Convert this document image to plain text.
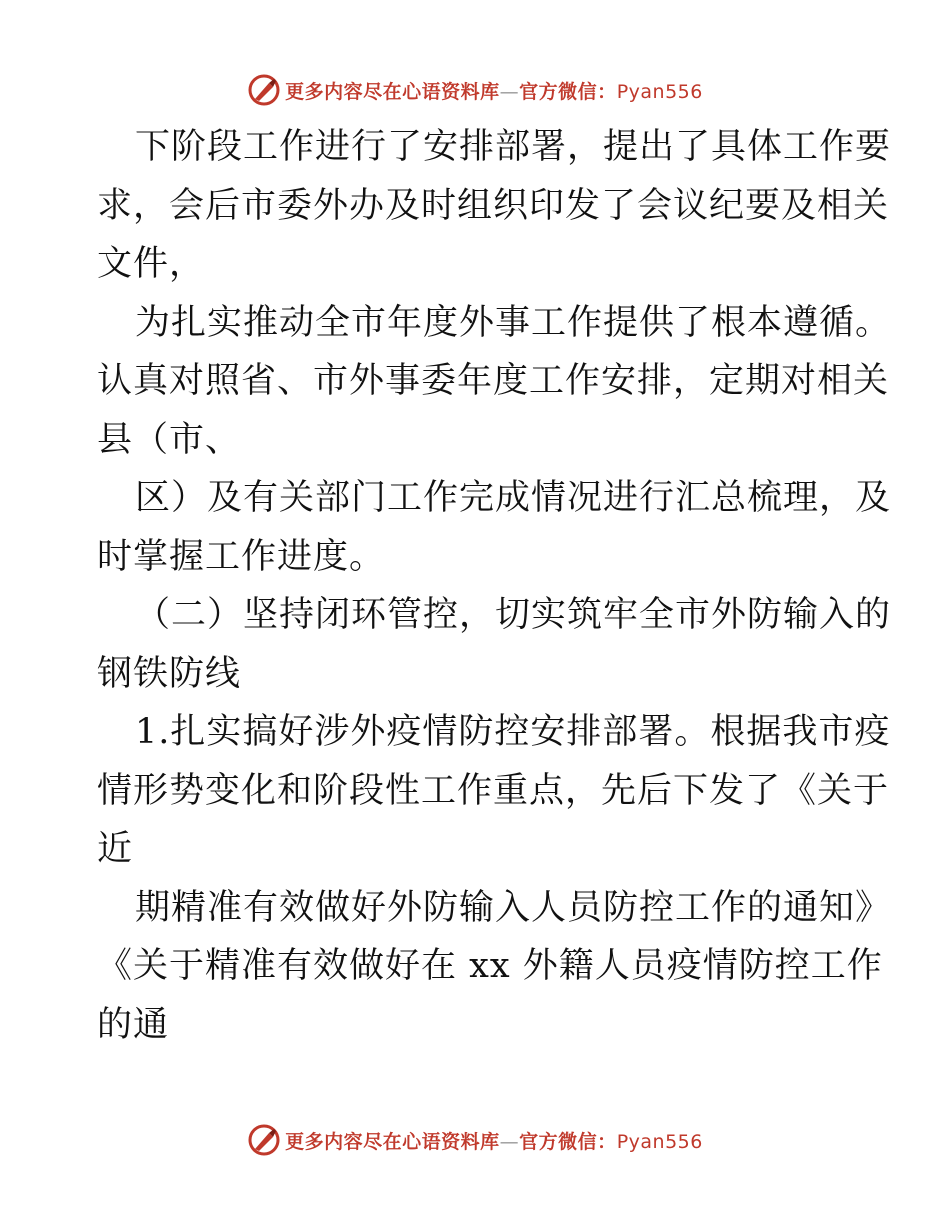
更多内容尽在心语资料库—官方微信：Pyan556

下阶段工作进行了安排部署，提出了具体工作要

求，会后市委外办及时组织印发了会议纪要及相关

文件，

为扎实推动全市年度外事工作提供了根本遵循。

认真对照省、市外事委年度工作安排，定期对相关

县（市、

区）及有关部门工作完成情况进行汇总梳理，及

时掌握工作进度。

（二）坚持闭环管控，切实筑牢全市外防输入的

钢铁防线

1.扎实搞好涉外疫情防控安排部署。根据我市疫

情形势变化和阶段性工作重点，先后下发了《关于

近

期精准有效做好外防输入人员防控工作的通知》

《关于精准有效做好在 xx 外籍人员疫情防控工作

的通

更多内容尽在心语资料库—官方微信：Pyan556
